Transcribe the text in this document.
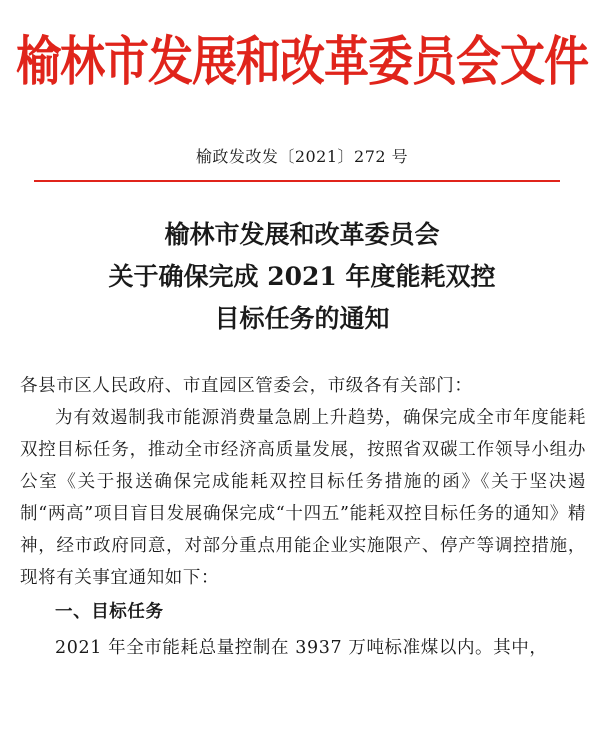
榆林市发展和改革委员会文件
榆政发改发〔2021〕272 号
榆林市发展和改革委员会
关于确保完成 2021 年度能耗双控
目标任务的通知
各县市区人民政府、市直园区管委会，市级各有关部门：

为有效遏制我市能源消费量急剧上升趋势，确保完成全市年度能耗双控目标任务，推动全市经济高质量发展，按照省双碳工作领导小组办公室《关于报送确保完成能耗双控目标任务措施的函》《关于坚决遏制“两高”项目盲目发展确保完成“十四五”能耗双控目标任务的通知》精神，经市政府同意，对部分重点用能企业实施限产、停产等调控措施，现将有关事宜通知如下：

一、目标任务
2021 年全市能耗总量控制在 3937 万吨标准煤以内。其中，
